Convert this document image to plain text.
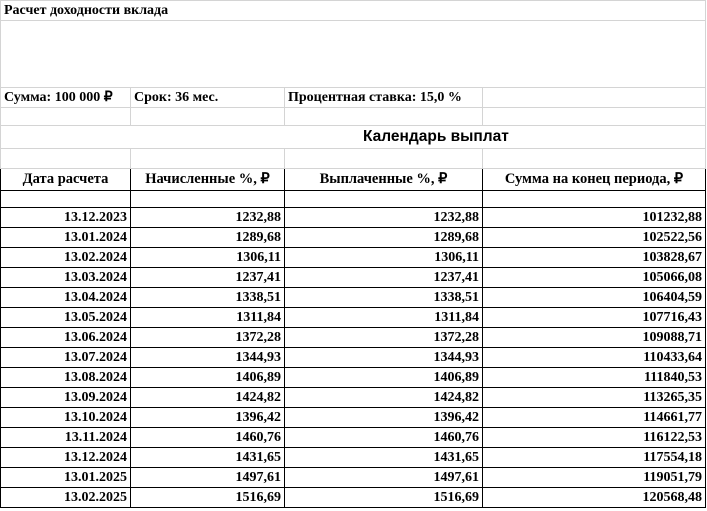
Расчет доходности вклада			

Сумма: 100 000 ₽	Срок: 36 мес.	Процентная ставка: 15,0 %	

Дата расчета	Начисленные %, ₽	Выплаченные %, ₽	Сумма на конец периода, ₽

13.12.2023	1232,88	1232,88	101232,88
13.01.2024	1289,68	1289,68	102522,56
13.02.2024	1306,11	1306,11	103828,67
13.03.2024	1237,41	1237,41	105066,08
13.04.2024	1338,51	1338,51	106404,59
13.05.2024	1311,84	1311,84	107716,43
13.06.2024	1372,28	1372,28	109088,71
13.07.2024	1344,93	1344,93	110433,64
13.08.2024	1406,89	1406,89	111840,53
13.09.2024	1424,82	1424,82	113265,35
13.10.2024	1396,42	1396,42	114661,77
13.11.2024	1460,76	1460,76	116122,53
13.12.2024	1431,65	1431,65	117554,18
13.01.2025	1497,61	1497,61	119051,79
13.02.2025	1516,69	1516,69	120568,48
Календарь выплат
